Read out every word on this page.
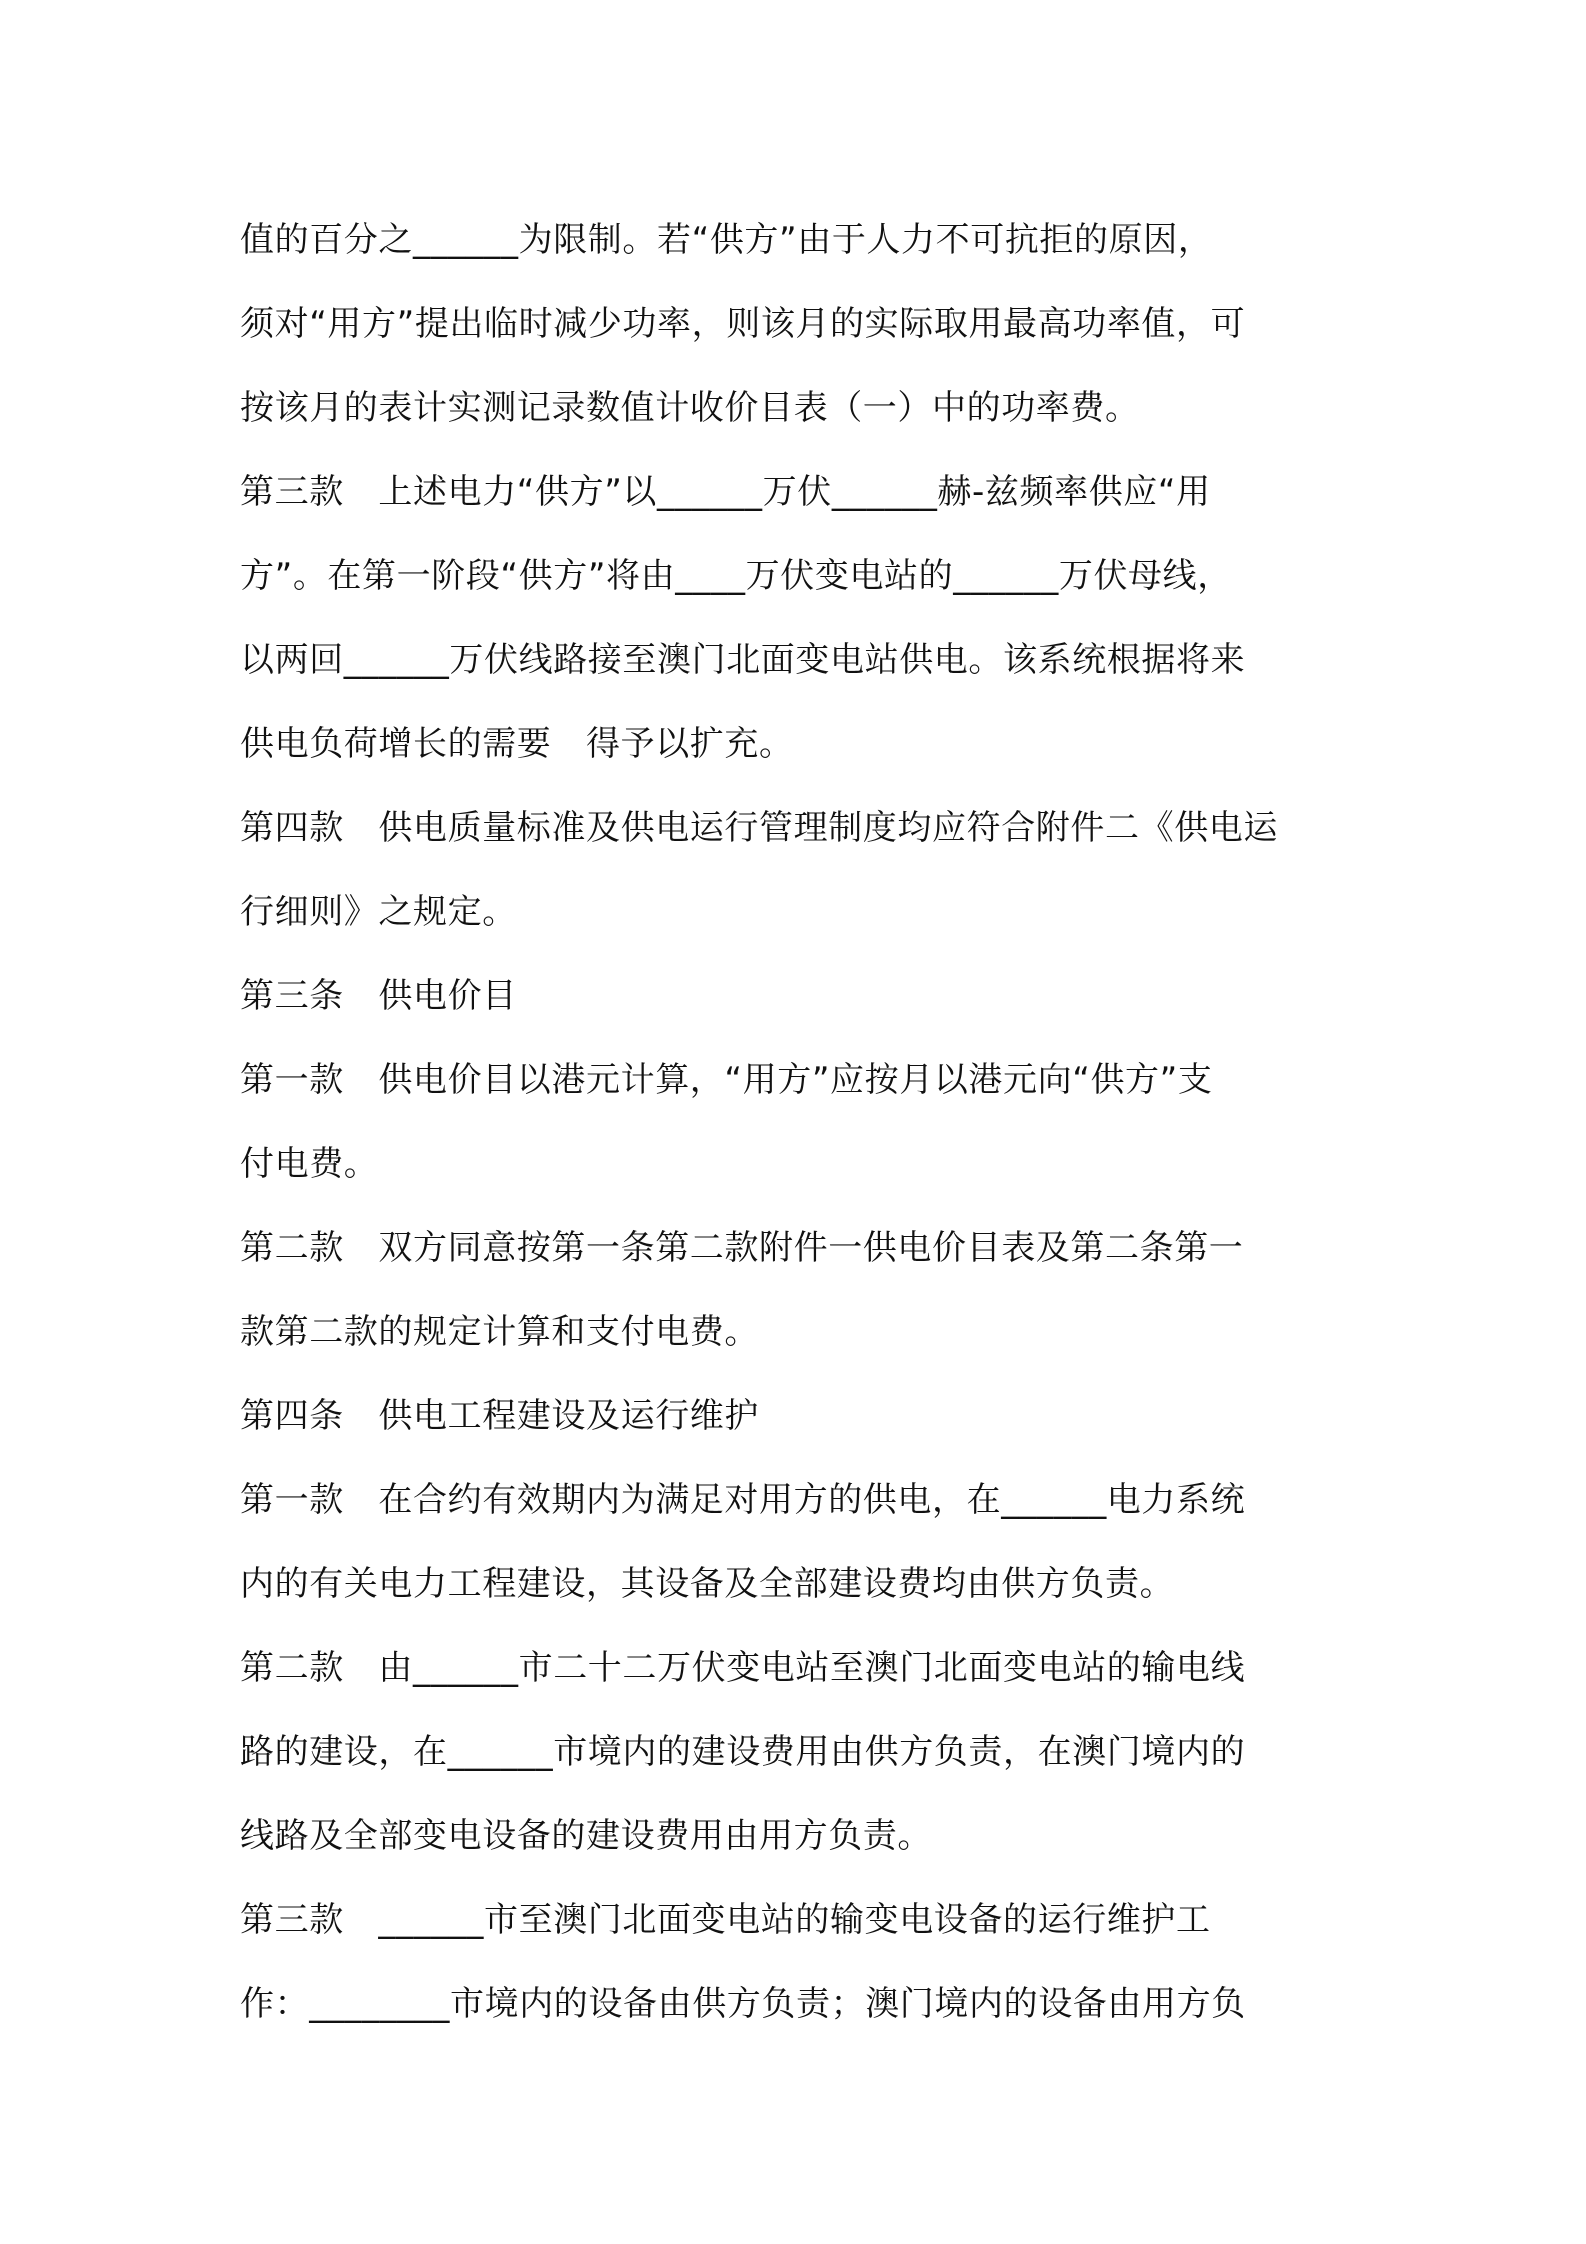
值的百分之______为限制。若“供方”由于人力不可抗拒的原因，
须对“用方”提出临时减少功率，则该月的实际取用最高功率值，可
按该月的表计实测记录数值计收价目表（一）中的功率费。
第三款　上述电力“供方”以______万伏______赫-兹频率供应“用
方”。在第一阶段“供方”将由____万伏变电站的______万伏母线，
以两回______万伏线路接至澳门北面变电站供电。该系统根据将来
供电负荷增长的需要　得予以扩充。
第四款　供电质量标准及供电运行管理制度均应符合附件二《供电运
行细则》之规定。
第三条　供电价目
第一款　供电价目以港元计算，“用方”应按月以港元向“供方”支
付电费。
第二款　双方同意按第一条第二款附件一供电价目表及第二条第一
款第二款的规定计算和支付电费。
第四条　供电工程建设及运行维护
第一款　在合约有效期内为满足对用方的供电，在______电力系统
内的有关电力工程建设，其设备及全部建设费均由供方负责。
第二款　由______市二十二万伏变电站至澳门北面变电站的输电线
路的建设，在______市境内的建设费用由供方负责，在澳门境内的
线路及全部变电设备的建设费用由用方负责。
第三款　______市至澳门北面变电站的输变电设备的运行维护工
作：________市境内的设备由供方负责；澳门境内的设备由用方负
